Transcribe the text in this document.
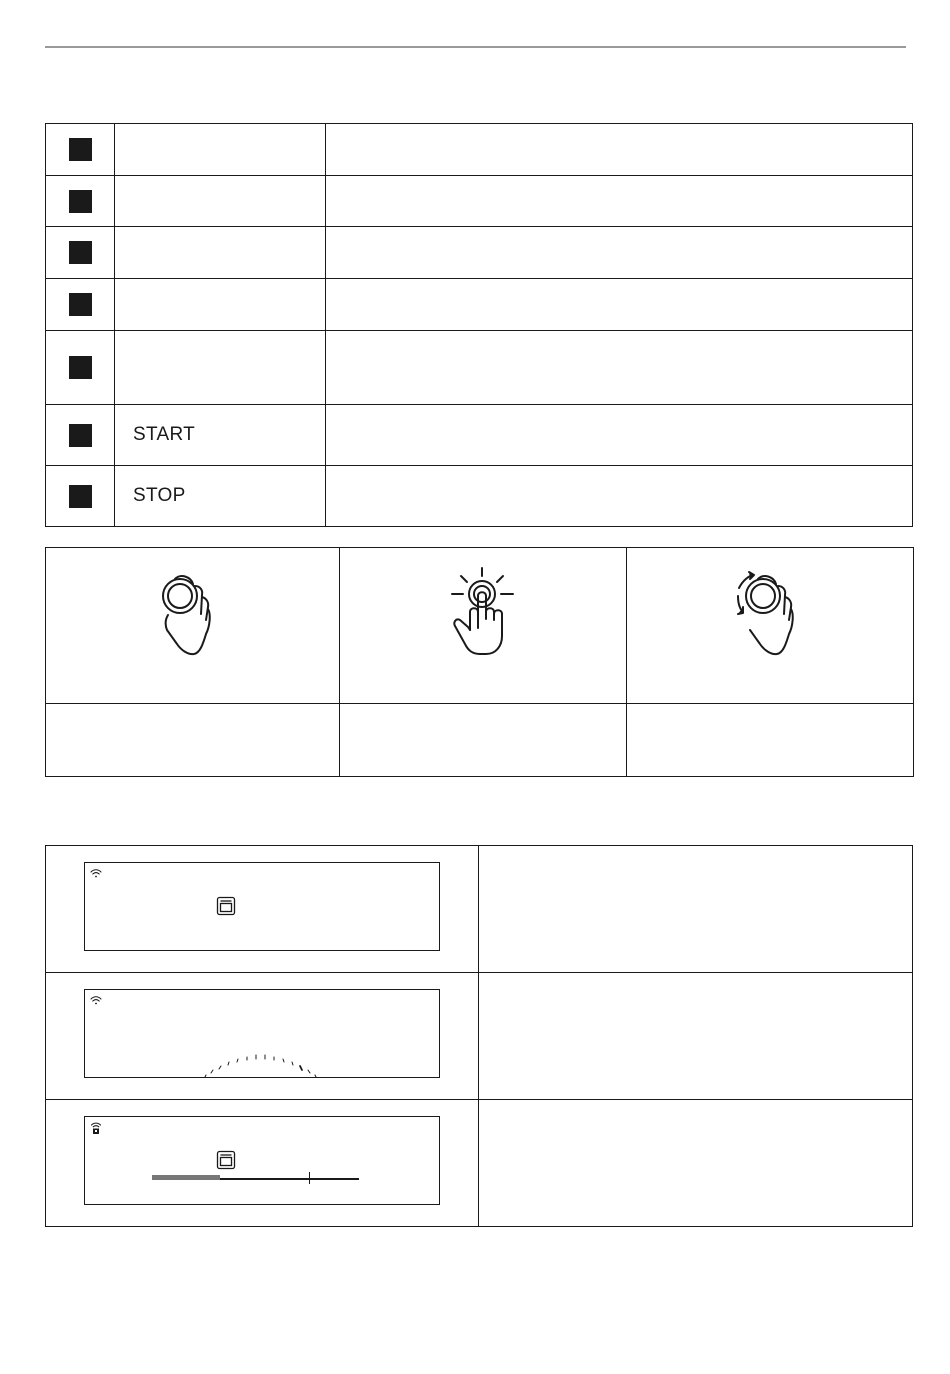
	START	
	STOP	
